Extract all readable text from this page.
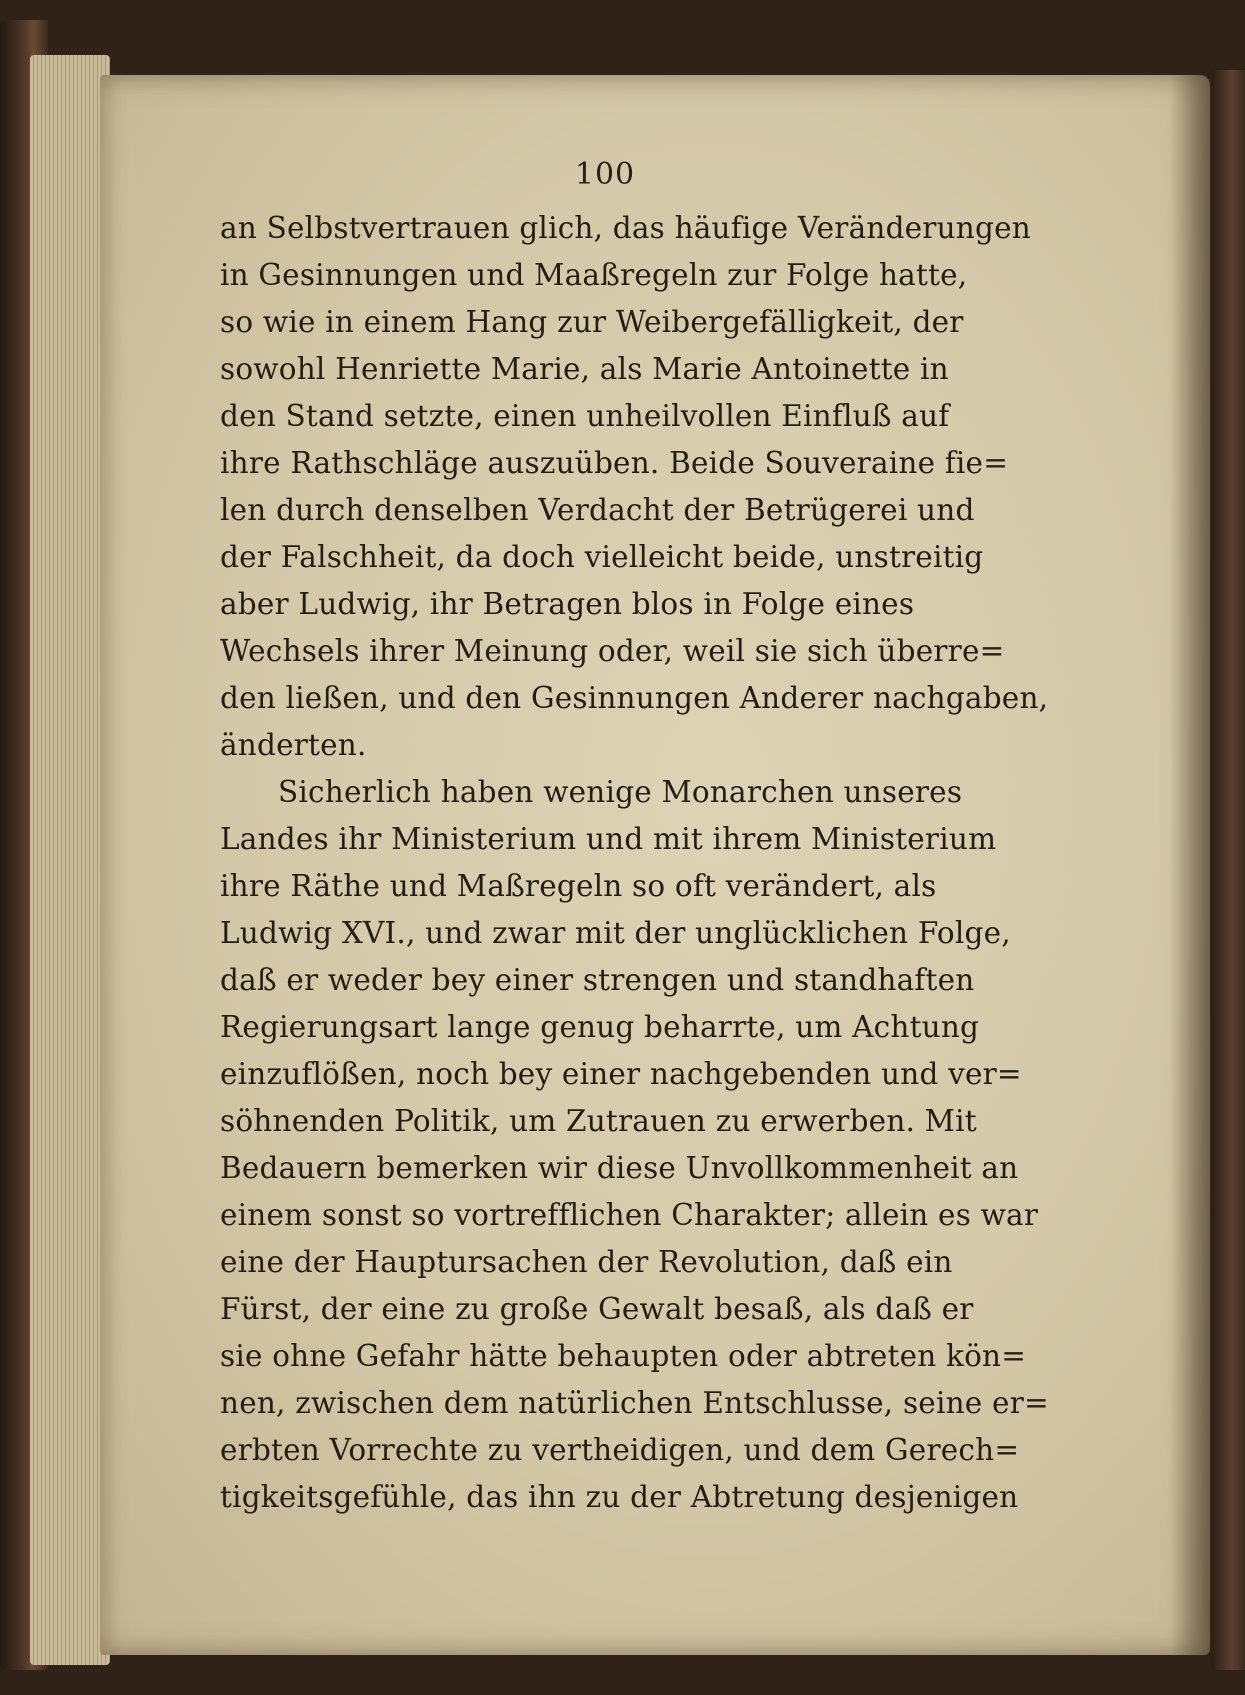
100
an Selbstvertrauen glich, das häufige Veränderungen
in Gesinnungen und Maaßregeln zur Folge hatte,
so wie in einem Hang zur Weibergefälligkeit, der
sowohl Henriette Marie, als Marie Antoinette in
den Stand setzte, einen unheilvollen Einfluß auf
ihre Rathschläge auszuüben. Beide Souveraine fie=
len durch denselben Verdacht der Betrügerei und
der Falschheit, da doch vielleicht beide, unstreitig
aber Ludwig, ihr Betragen blos in Folge eines
Wechsels ihrer Meinung oder, weil sie sich überre=
den ließen, und den Gesinnungen Anderer nachgaben,
änderten.
Sicherlich haben wenige Monarchen unseres
Landes ihr Ministerium und mit ihrem Ministerium
ihre Räthe und Maßregeln so oft verändert, als
Ludwig XVI., und zwar mit der unglücklichen Folge,
daß er weder bey einer strengen und standhaften
Regierungsart lange genug beharrte, um Achtung
einzuflößen, noch bey einer nachgebenden und ver=
söhnenden Politik, um Zutrauen zu erwerben. Mit
Bedauern bemerken wir diese Unvollkommenheit an
einem sonst so vortrefflichen Charakter; allein es war
eine der Hauptursachen der Revolution, daß ein
Fürst, der eine zu große Gewalt besaß, als daß er
sie ohne Gefahr hätte behaupten oder abtreten kön=
nen, zwischen dem natürlichen Entschlusse, seine er=
erbten Vorrechte zu vertheidigen, und dem Gerech=
tigkeitsgefühle, das ihn zu der Abtretung desjenigen
